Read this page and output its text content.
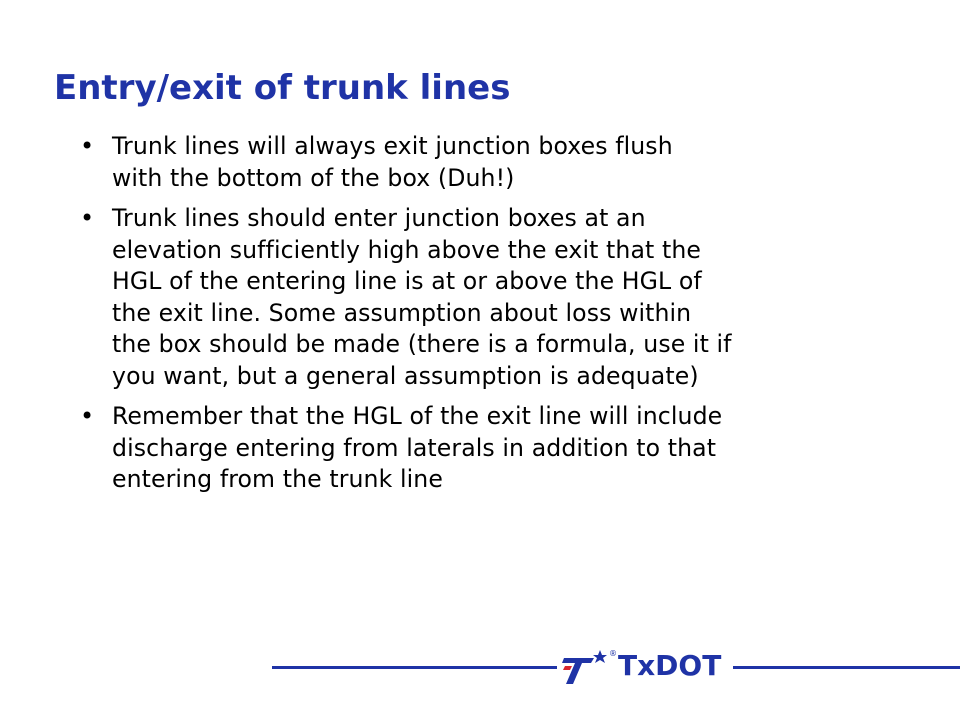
Entry/exit of trunk lines
• Trunk lines will always exit junction boxes flush
with the bottom of the box (Duh!)
• Trunk lines should enter junction boxes at an
elevation sufficiently high above the exit that the
HGL of the entering line is at or above the HGL of
the exit line. Some assumption about loss within
the box should be made (there is a formula, use it if
you want, but a general assumption is adequate)
• Remember that the HGL of the exit line will include
discharge entering from laterals in addition to that
entering from the trunk line
® TxDOT
